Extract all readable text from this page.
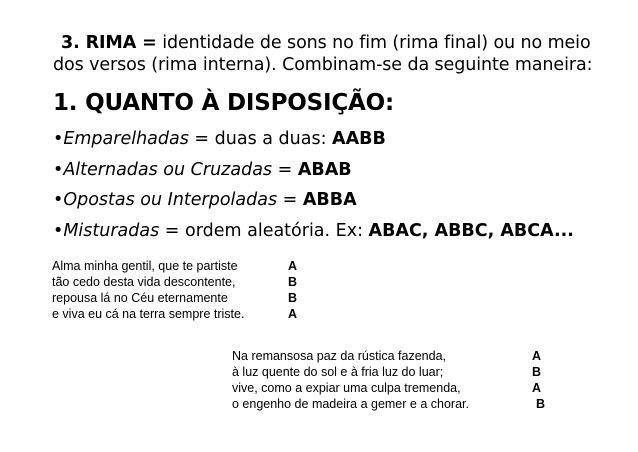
3. RIMA = identidade de sons no fim (rima final) ou no meio
dos versos (rima interna). Combinam-se da seguinte maneira:
1. QUANTO À DISPOSIÇÃO:
•Emparelhadas = duas a duas: AABB
•Alternadas ou Cruzadas = ABAB
•Opostas ou Interpoladas = ABBA
•Misturadas = ordem aleatória. Ex: ABAC, ABBC, ABCA...
Alma minha gentil, que te partiste	A
tão cedo desta vida descontente,	B
repousa lá no Céu eternamente	B
e viva eu cá na terra sempre triste.	A
Na remansosa paz da rústica fazenda,	A
à luz quente do sol e à fria luz do luar;	B
vive, como a expiar uma culpa tremenda,	A
o engenho de madeira a gemer e a chorar.	B
